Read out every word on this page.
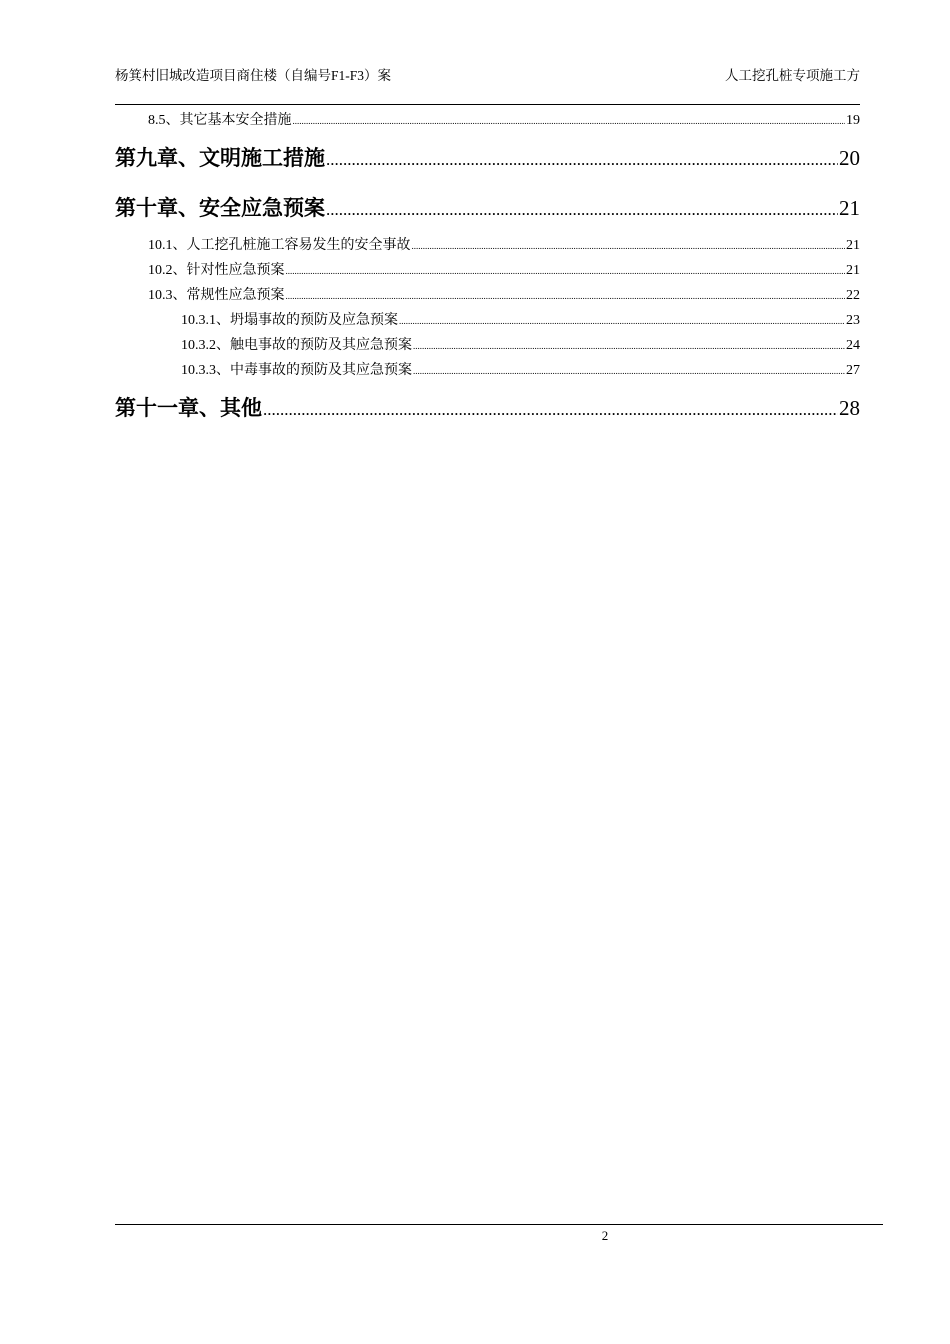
杨箕村旧城改造项目商住楼（自编号F1-F3）案	人工挖孔桩专项施工方
8.5、其它基本安全措施 .....	19
第九章、文明施工措施 .....	20
第十章、安全应急预案 .....	21
10.1、人工挖孔桩施工容易发生的安全事故 .....	21
10.2、针对性应急预案 .....	21
10.3、常规性应急预案 .....	22
10.3.1、坍塌事故的预防及应急预案 .....	23
10.3.2、触电事故的预防及其应急预案 .....	24
10.3.3、中毒事故的预防及其应急预案 .....	27
第十一章、其他 .....	28
2
